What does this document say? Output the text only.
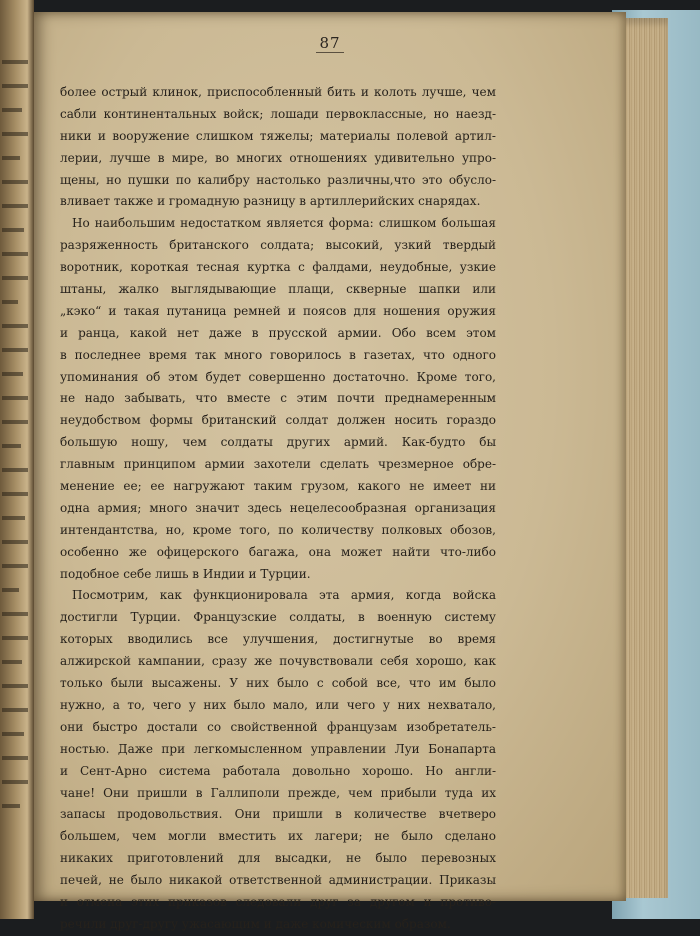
87
более острый клинок, приспособленный бить и колоть лучше, чем
сабли континентальных войск; лошади первоклассные, но наезд-
ники и вооружение слишком тяжелы; материалы полевой артил-
лерии, лучше в мире, во многих отношениях удивительно упро-
щены, но пушки по калибру настолько различны,что это обусло-
вливает также и громадную разницу в артиллерийских снарядах.
Но наибольшим недостатком является форма: слишком большая
разряженность британского солдата; высокий, узкий твердый
воротник, короткая тесная куртка с фалдами, неудобные, узкие
штаны, жалко выглядывающие плащи, скверные шапки или
„кэко“ и такая путаница ремней и поясов для ношения оружия
и ранца, какой нет даже в прусской армии. Обо всем этом
в последнее время так много говорилось в газетах, что одного
упоминания об этом будет совершенно достаточно. Кроме того,
не надо забывать, что вместе с этим почти преднамеренным
неудобством формы британский солдат должен носить гораздо
большую ношу, чем солдаты других армий. Как-будто бы
главным принципом армии захотели сделать чрезмерное обре-
менение ее; ее нагружают таким грузом, какого не имеет ни
одна армия; много значит здесь нецелесообразная организация
интендантства, но, кроме того, по количеству полковых обозов,
особенно же офицерского багажа, она может найти что-либо
подобное себе лишь в Индии и Турции.
Посмотрим, как функционировала эта армия, когда войска
достигли Турции. Французские солдаты, в военную систему
которых вводились все улучшения, достигнутые во время
алжирской кампании, сразу же почувствовали себя хорошо, как
только были высажены. У них было с собой все, что им было
нужно, а то, чего у них было мало, или чего у них нехватало,
они быстро достали со свойственной французам изобретатель-
ностью. Даже при легкомысленном управлении Луи Бонапарта
и Сент-Арно система работала довольно хорошо. Но англи-
чане! Они пришли в Галлиполи прежде, чем прибыли туда их
запасы продовольствия. Они пришли в количестве вчетверо
большем, чем могли вместить их лагери; не было сделано
никаких приготовлений для высадки, не было перевозных
печей, не было никакой ответственной администрации. Приказы
и отмена этих приказов следовали друг за другом и противо-
речили друг-другу ужасающим и даже комическим образом.
